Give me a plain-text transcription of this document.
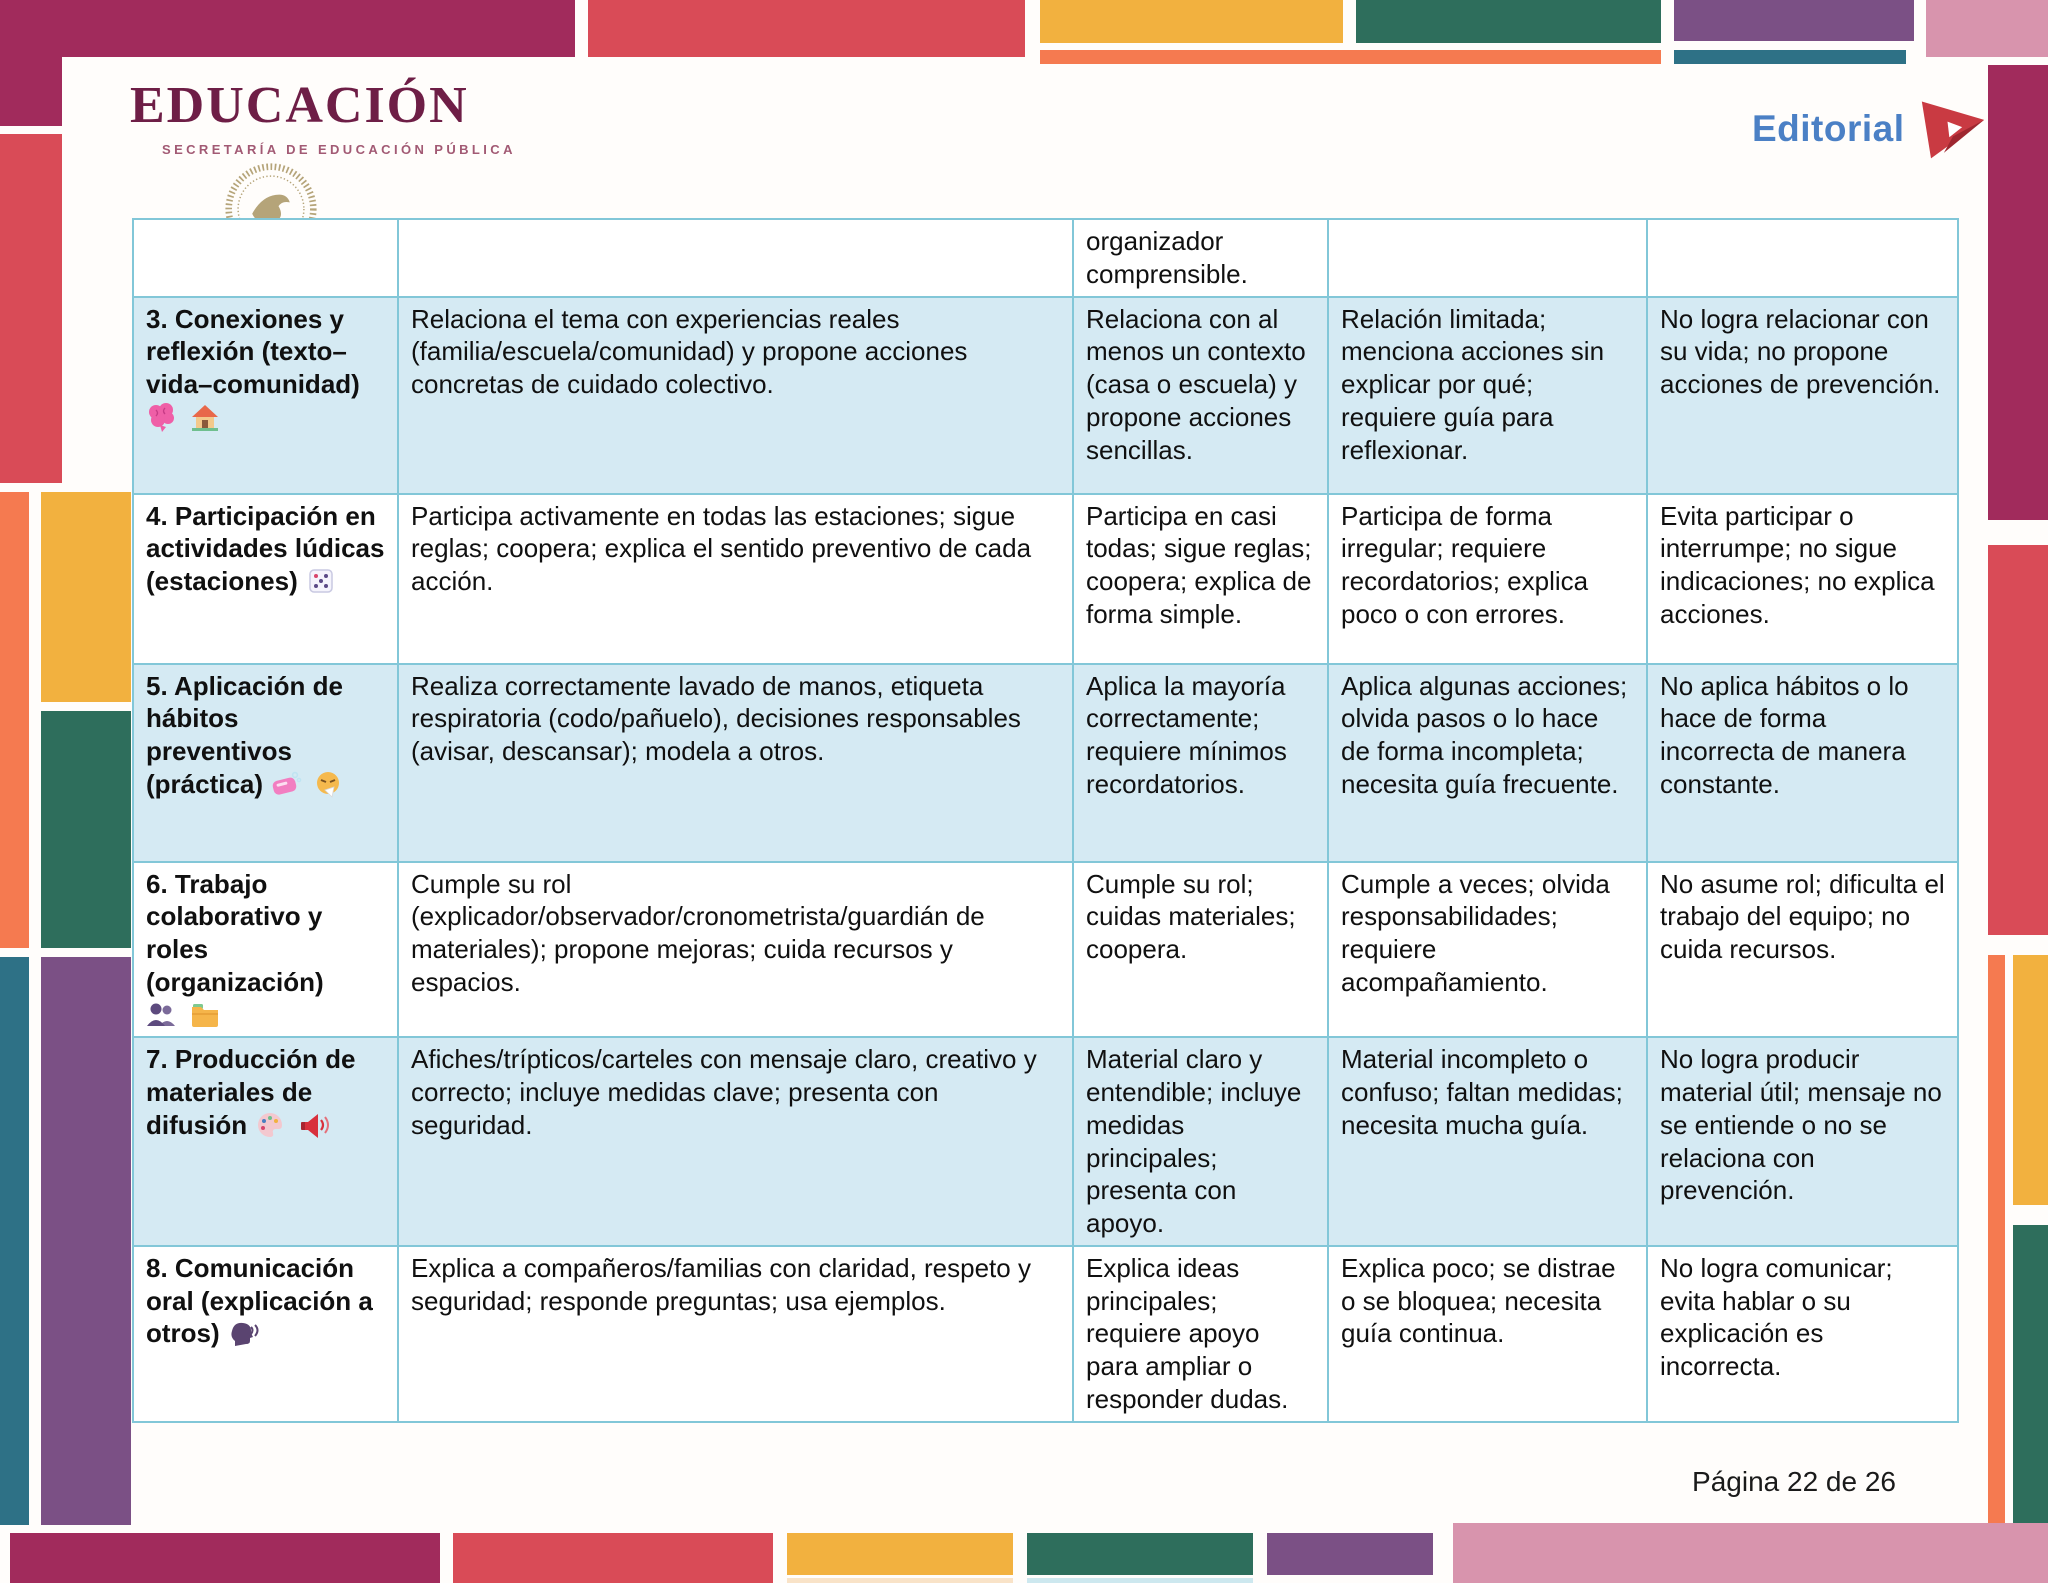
EDUCACIÓN
SECRETARÍA DE EDUCACIÓN PÚBLICA
Editorial
		organizador comprensible.		
3. Conexiones y reflexión (texto–vida–comunidad)	Relaciona el tema con experiencias reales (familia/escuela/comunidad) y propone acciones concretas de cuidado colectivo.	Relaciona con al menos un contexto (casa o escuela) y propone acciones sencillas.	Relación limitada; menciona acciones sin explicar por qué; requiere guía para reflexionar.	No logra relacionar con su vida; no propone acciones de prevención.
4. Participación en actividades lúdicas (estaciones)	Participa activamente en todas las estaciones; sigue reglas; coopera; explica el sentido preventivo de cada acción.	Participa en casi todas; sigue reglas; coopera; explica de forma simple.	Participa de forma irregular; requiere recordatorios; explica poco o con errores.	Evita participar o interrumpe; no sigue indicaciones; no explica acciones.
5. Aplicación de hábitos preventivos (práctica)	Realiza correctamente lavado de manos, etiqueta respiratoria (codo/pañuelo), decisiones responsables (avisar, descansar); modela a otros.	Aplica la mayoría correctamente; requiere mínimos recordatorios.	Aplica algunas acciones; olvida pasos o lo hace de forma incompleta; necesita guía frecuente.	No aplica hábitos o lo hace de forma incorrecta de manera constante.
6. Trabajo colaborativo y roles (organización)	Cumple su rol (explicador/observador/cronometrista/guardián de materiales); propone mejoras; cuida recursos y espacios.	Cumple su rol; cuidas materiales; coopera.	Cumple a veces; olvida responsabilidades; requiere acompañamiento.	No asume rol; dificulta el trabajo del equipo; no cuida recursos.
7. Producción de materiales de difusión	Afiches/trípticos/carteles con mensaje claro, creativo y correcto; incluye medidas clave; presenta con seguridad.	Material claro y entendible; incluye medidas principales; presenta con apoyo.	Material incompleto o confuso; faltan medidas; necesita mucha guía.	No logra producir material útil; mensaje no se entiende o no se relaciona con prevención.
8. Comunicación oral (explicación a otros)	Explica a compañeros/familias con claridad, respeto y seguridad; responde preguntas; usa ejemplos.	Explica ideas principales; requiere apoyo para ampliar o responder dudas.	Explica poco; se distrae o se bloquea; necesita guía continua.	No logra comunicar; evita hablar o su explicación es incorrecta.
Página 22 de 26
